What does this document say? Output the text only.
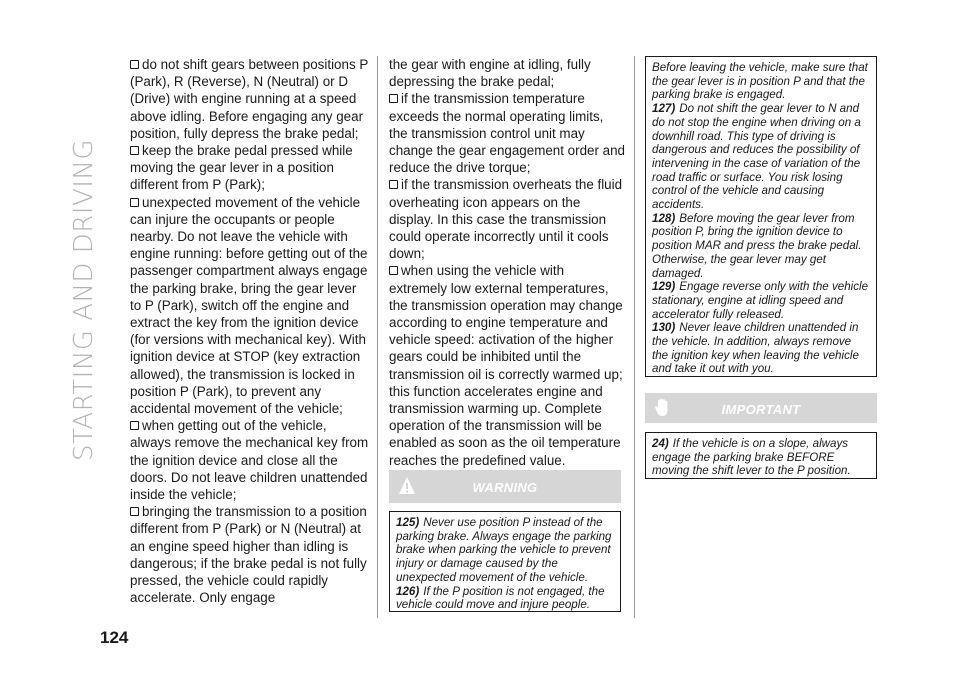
STARTING AND DRIVING

do not shift gears between positions P (Park), R (Reverse), N (Neutral) or D (Drive) with engine running at a speed above idling. Before engaging any gear position, fully depress the brake pedal;

keep the brake pedal pressed while moving the gear lever in a position different from P (Park);

unexpected movement of the vehicle can injure the occupants or people nearby. Do not leave the vehicle with engine running: before getting out of the passenger compartment always engage the parking brake, bring the gear lever to P (Park), switch off the engine and extract the key from the ignition device (for versions with mechanical key). With ignition device at STOP (key extraction allowed), the transmission is locked in position P (Park), to prevent any accidental movement of the vehicle;

when getting out of the vehicle, always remove the mechanical key from the ignition device and close all the doors. Do not leave children unattended inside the vehicle;

bringing the transmission to a position different from P (Park) or N (Neutral) at an engine speed higher than idling is dangerous; if the brake pedal is not fully pressed, the vehicle could rapidly accelerate. Only engage

the gear with engine at idling, fully depressing the brake pedal;

if the transmission temperature exceeds the normal operating limits, the transmission control unit may change the gear engagement order and reduce the drive torque;

if the transmission overheats the fluid overheating icon appears on the display. In this case the transmission could operate incorrectly until it cools down;

when using the vehicle with extremely low external temperatures, the transmission operation may change according to engine temperature and vehicle speed: activation of the higher gears could be inhibited until the transmission oil is correctly warmed up; this function accelerates engine and transmission warming up. Complete operation of the transmission will be enabled as soon as the oil temperature reaches the predefined value.

WARNING

125) Never use position P instead of the parking brake. Always engage the parking brake when parking the vehicle to prevent injury or damage caused by the unexpected movement of the vehicle.

126) If the P position is not engaged, the vehicle could move and injure people.

Before leaving the vehicle, make sure that the gear lever is in position P and that the parking brake is engaged.

127) Do not shift the gear lever to N and do not stop the engine when driving on a downhill road. This type of driving is dangerous and reduces the possibility of intervening in the case of variation of the road traffic or surface. You risk losing control of the vehicle and causing accidents.

128) Before moving the gear lever from position P, bring the ignition device to position MAR and press the brake pedal. Otherwise, the gear lever may get damaged.

129) Engage reverse only with the vehicle stationary, engine at idling speed and accelerator fully released.

130) Never leave children unattended in the vehicle. In addition, always remove the ignition key when leaving the vehicle and take it out with you.

IMPORTANT

24) If the vehicle is on a slope, always engage the parking brake BEFORE moving the shift lever to the P position.

124
